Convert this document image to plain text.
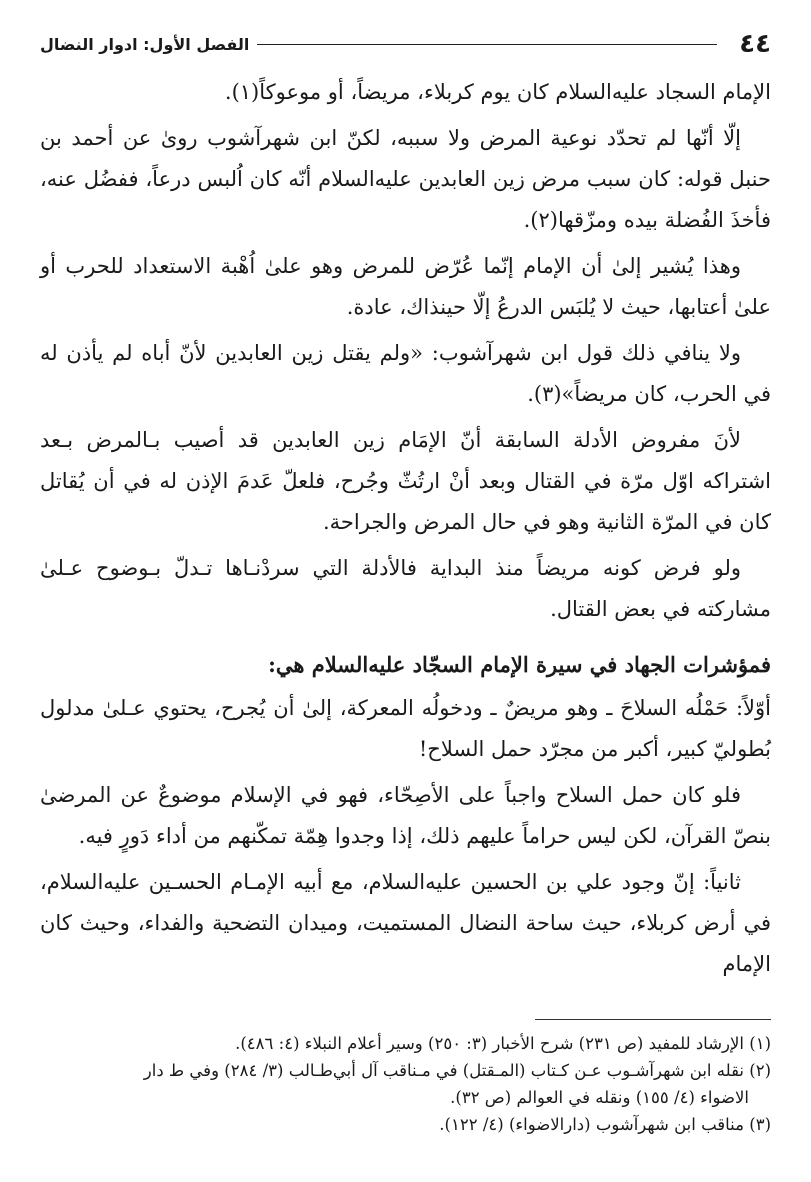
٤٤
الفصل الأول: ادوار النضال

الإمام السجاد عليه‌السلام كان يوم كربلاء، مريضاً، أو موعوكاً(١).

إلّا أنّها لم تحدّد نوعية المرض ولا سببه، لكنّ ابن شهرآشوب روىٰ عن أحمد بن حنبل قوله: كان سبب مرض زين العابدين عليه‌السلام أنّه كان اُلبس درعاً، ففضُل عنه، فأخذَ الفُضلة بيده ومزّقها(٢).

وهذا يُشير إلىٰ أن الإمام إنّما عُرّض للمرض وهو علىٰ اُهْبة الاستعداد للحرب أو علىٰ أعتابها، حيث لا يُلبَس الدرعُ إلّا حينذاك، عادة.

ولا ينافي ذلك قول ابن شهرآشوب: «ولم يقتل زين العابدين لأنّ أباه لم يأذن له في الحرب، كان مريضاً»(٣).

لأنَ مفروض الأدلة السابقة أنّ الإمَام زين العابدين قد أصيب بـالمرض بـعد اشتراكه اوّل مرّة في القتال وبعد أنْ ارتُثّ وجُرح، فلعلّ عَدمَ الإذن له في أن يُقاتل كان في المرّة الثانية وهو في حال المرض والجراحة.

ولو فرض كونه مريضاً منذ البداية فالأدلة التي سردْنـاها تـدلّ بـوضوح عـلىٰ مشاركته في بعض القتال.

فمؤشرات الجهاد في سيرة الإمام السجّاد عليه‌السلام هي:

أوّلاً: حَمْلُه السلاحَ ـ وهو مريضٌ ـ ودخولُه المعركة، إلىٰ أن يُجرح، يحتوي عـلىٰ مدلول بُطوليّ كبير، أكبر من مجرّد حمل السلاح!

فلو كان حمل السلاح واجباً على الأصِحّاء، فهو في الإسلام موضوعٌ عن المرضىٰ بنصّ القرآن، لكن ليس حراماً عليهم ذلك، إذا وجدوا هِمّة تمكّنهم من أداء دَورٍ فيه.

ثانياً: إنّ وجود علي بن الحسين عليه‌السلام، مع أبيه الإمـام الحسـين عليه‌السلام، في أرض كربلاء، حيث ساحة النضال المستميت، وميدان التضحية والفداء، وحيث كان الإمام

(١) الإرشاد للمفيد (ص ٢٣١) شرح الأخبار (٣: ٢٥٠) وسير أعلام النبلاء (٤: ٤٨٦).

(٢) نقله ابن شهرآشـوب عـن كـتاب (المـقتل) في مـناقب آل أبي‌طـالب (٣/ ٢٨٤) وفي ط دار
الاضواء (٤/ ١٥٥) ونقله في العوالم (ص ٣٢).

(٣) مناقب ابن شهرآشوب (دارالاضواء) (٤/ ١٢٢).
